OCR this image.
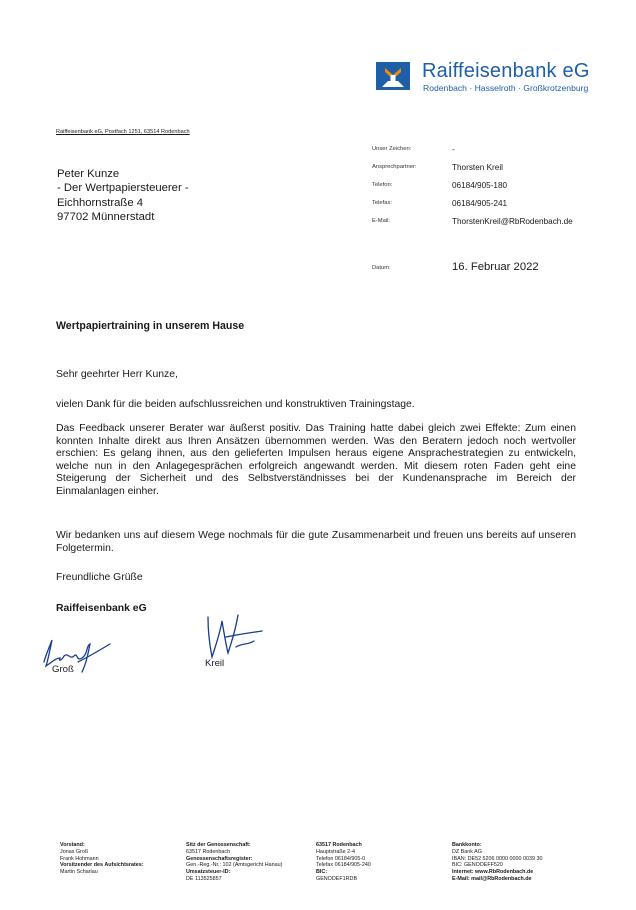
Raiffeisenbank eG
Rodenbach · Hasselroth · Großkrotzenburg
Raiffeisenbank eG, Postfach 1251, 63514 Rodenbach
Peter Kunze
- Der Wertpapiersteuerer -
Eichhornstraße 4
97702 Münnerstadt
Unser Zeichen:	-
Ansprechpartner:	Thorsten Kreil
Telefon:	06184/905-180
Telefax:	06184/905-241
E-Mail:	ThorstenKreil@RbRodenbach.de
Datum:	16. Februar 2022
Wertpapiertraining in unserem Hause
Sehr geehrter Herr Kunze,
vielen Dank für die beiden aufschlussreichen und konstruktiven Trainingstage.
Das Feedback unserer Berater war äußerst positiv. Das Training hatte dabei gleich zwei Effekte: Zum einen konnten Inhalte direkt aus Ihren Ansätzen übernommen werden. Was den Beratern jedoch noch wertvoller erschien: Es gelang ihnen, aus den gelieferten Impulsen heraus eigene Ansprachestrategien zu entwickeln, welche nun in den Anlagegesprächen erfolgreich angewandt werden. Mit diesem roten Faden geht eine Steigerung der Sicherheit und des Selbstverständnisses bei der Kundenansprache im Bereich der Einmalanlagen einher.
Wir bedanken uns auf diesem Wege nochmals für die gute Zusammenarbeit und freuen uns bereits auf unseren Folgetermin.
Freundliche Grüße
Raiffeisenbank eG
Groß
Kreil
Vorstand:
Jonas Groß
Frank Hohmann
Vorsitzender des Aufsichtsrates:
Martin Scharlau
Sitz der Genossenschaft:
63517 Rodenbach
Genossenschaftsregister:
Gen.-Reg.-Nr.: 102 (Amtsgericht Hanau)
Umsatzsteuer-ID:
DE 113525857
63517 Rodenbach
Hauptstraße 2-4
Telefon 06184/905-0
Telefax 06184/905-240
BIC:
GENODEF1RDB
Bankkonto:
DZ Bank AG
IBAN: DE52 5206 0000 0000 0039 30
BIC: GENODEFF520
Internet: www.RbRodenbach.de
E-Mail: mail@RbRodenbach.de
